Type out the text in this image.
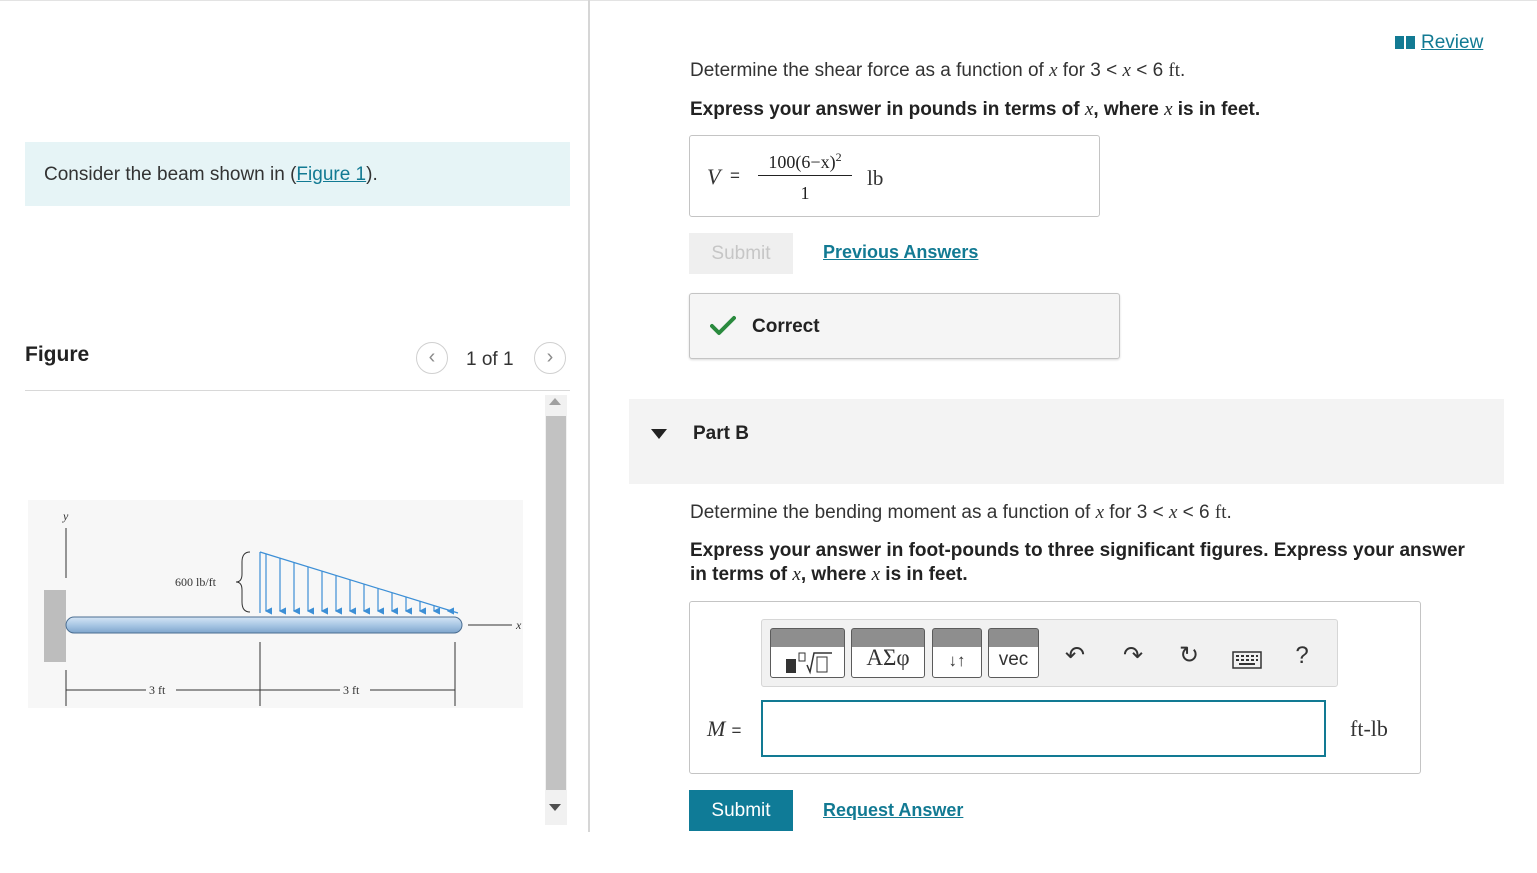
Consider the beam shown in (Figure 1).
Figure	‹	1 of 1	›
y
x
600 lb/ft
3 ft	3 ft
Review
Determine the shear force as a function of x for 3 < x < 6 ft.
Express your answer in pounds in terms of x, where x is in feet.
V =
$100(6-x)^2$
1
lb
Submit	Previous Answers
Correct
Part B
Determine the bending moment as a function of x for 3 < x < 6 ft.
Express your answer in foot-pounds to three significant figures. Express your answer
in terms of x, where x is in feet.
ΑΣφ	↓↑	vec	↶ ↷ ↻	?
M =	ft-lb
Submit	Request Answer
